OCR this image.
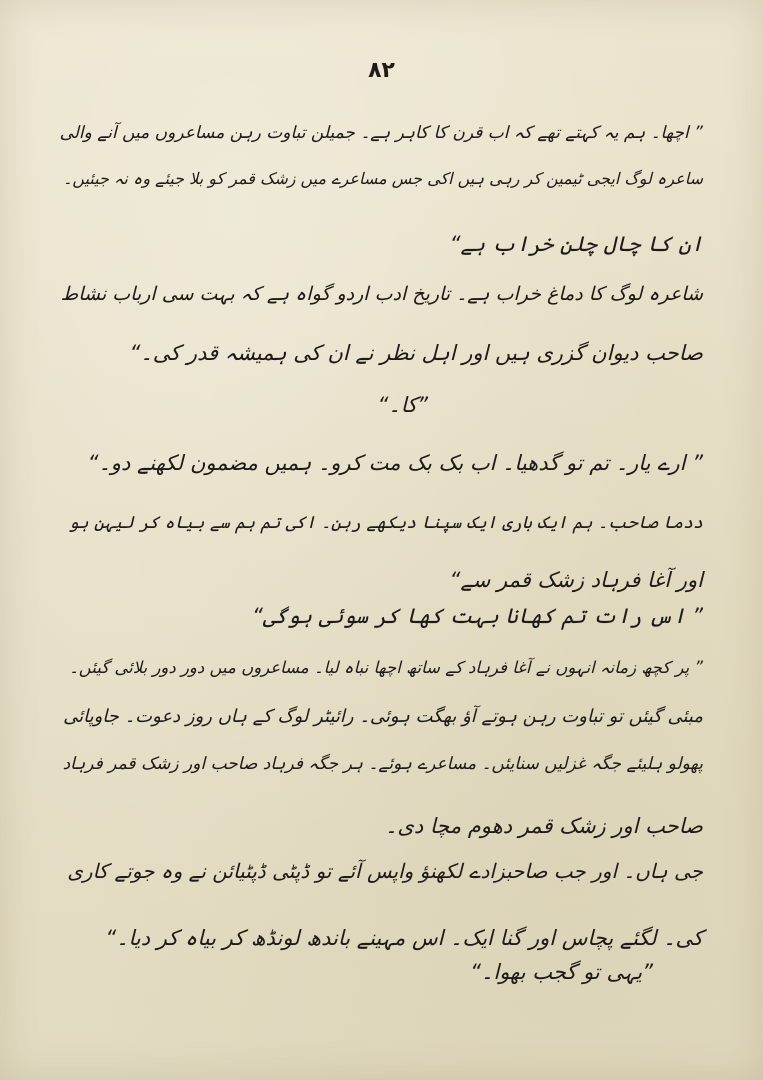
۸۲
” اچھا۔ ہم یہ کہتے تھے کہ اب قرن کا کاہر ہے۔ جمیلن تباوت رہن مساعروں میں آنے والی
ساعرہ لوگ ایجی ٹیمین کر رہی ہیں اکی جس مساعرے میں زشک قمر کو بلا جیئے وہ نہ جیئیں۔
ان کا چال چلن خراب ہے“
شاعرہ لوگ کا دماغ خراب ہے۔ تاریخ ادب اردو گواہ ہے کہ بہت سی ارباب نشاط
صاحب دیوان گزری ہیں اور اہل نظر نے ان کی ہمیشہ قدر کی۔“
”کا۔“
” ارے یار۔ تم تو گدھیا۔ اب بک بک مت کرو۔ ہمیں مضمون لکھنے دو۔“
ددما صاحب۔ ہم ایک باری ایک سپنا دیکھے رہن۔ اکی تم ہم سے بیاہ کر لیہن ہو
اور آغا فرہاد زشک قمر سے“
” اس رات تم کھانا بہت کھا کر سوئی ہوگی“
” پر کچھ زمانہ انہوں نے آغا فرہاد کے ساتھ اچھا نباہ لیا۔ مساعروں میں دور دور بلائی گیئں۔
مبئی گیئں تو تباوت رہن ہوتے آؤ بھگت ہوئی۔ رائیٹر لوگ کے ہاں روز دعوت۔ جاوپائی
پھولو ہلیئے جگہ غزلیں سنایئں۔ مساعرے ہوئے۔ ہر جگہ فرہاد صاحب اور زشک قمر فرہاد
صاحب اور زشک قمر دھوم مچا دی۔
جی ہاں۔ اور جب صاحبزادے لکھنؤ واپس آئے تو ڈپٹی ڈپٹیائن نے وہ جوتے کاری
کی۔ لگئے پچاس اور گنا ایک۔ اس مہینے باندھ لونڈھ کر بیاہ کر دیا۔“
”یہی تو گجب بھوا۔“
